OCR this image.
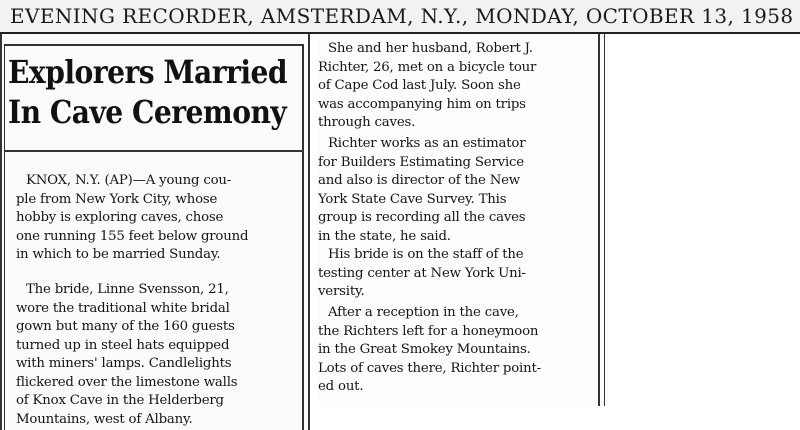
EVENING RECORDER, AMSTERDAM, N.Y., MONDAY, OCTOBER 13, 1958
Explorers Married
In Cave Ceremony
KNOX, N.Y. (AP)—A young cou-
ple from New York City, whose
hobby is exploring caves, chose
one running 155 feet below ground
in which to be married Sunday.
The bride, Linne Svensson, 21,
wore the traditional white bridal
gown but many of the 160 guests
turned up in steel hats equipped
with miners' lamps. Candlelights
flickered over the limestone walls
of Knox Cave in the Helderberg
Mountains, west of Albany.
She and her husband, Robert J.
Richter, 26, met on a bicycle tour
of Cape Cod last July. Soon she
was accompanying him on trips
through caves.
Richter works as an estimator
for Builders Estimating Service
and also is director of the New
York State Cave Survey. This
group is recording all the caves
in the state, he said.
His bride is on the staff of the
testing center at New York Uni-
versity.
After a reception in the cave,
the Richters left for a honeymoon
in the Great Smokey Mountains.
Lots of caves there, Richter point-
ed out.
